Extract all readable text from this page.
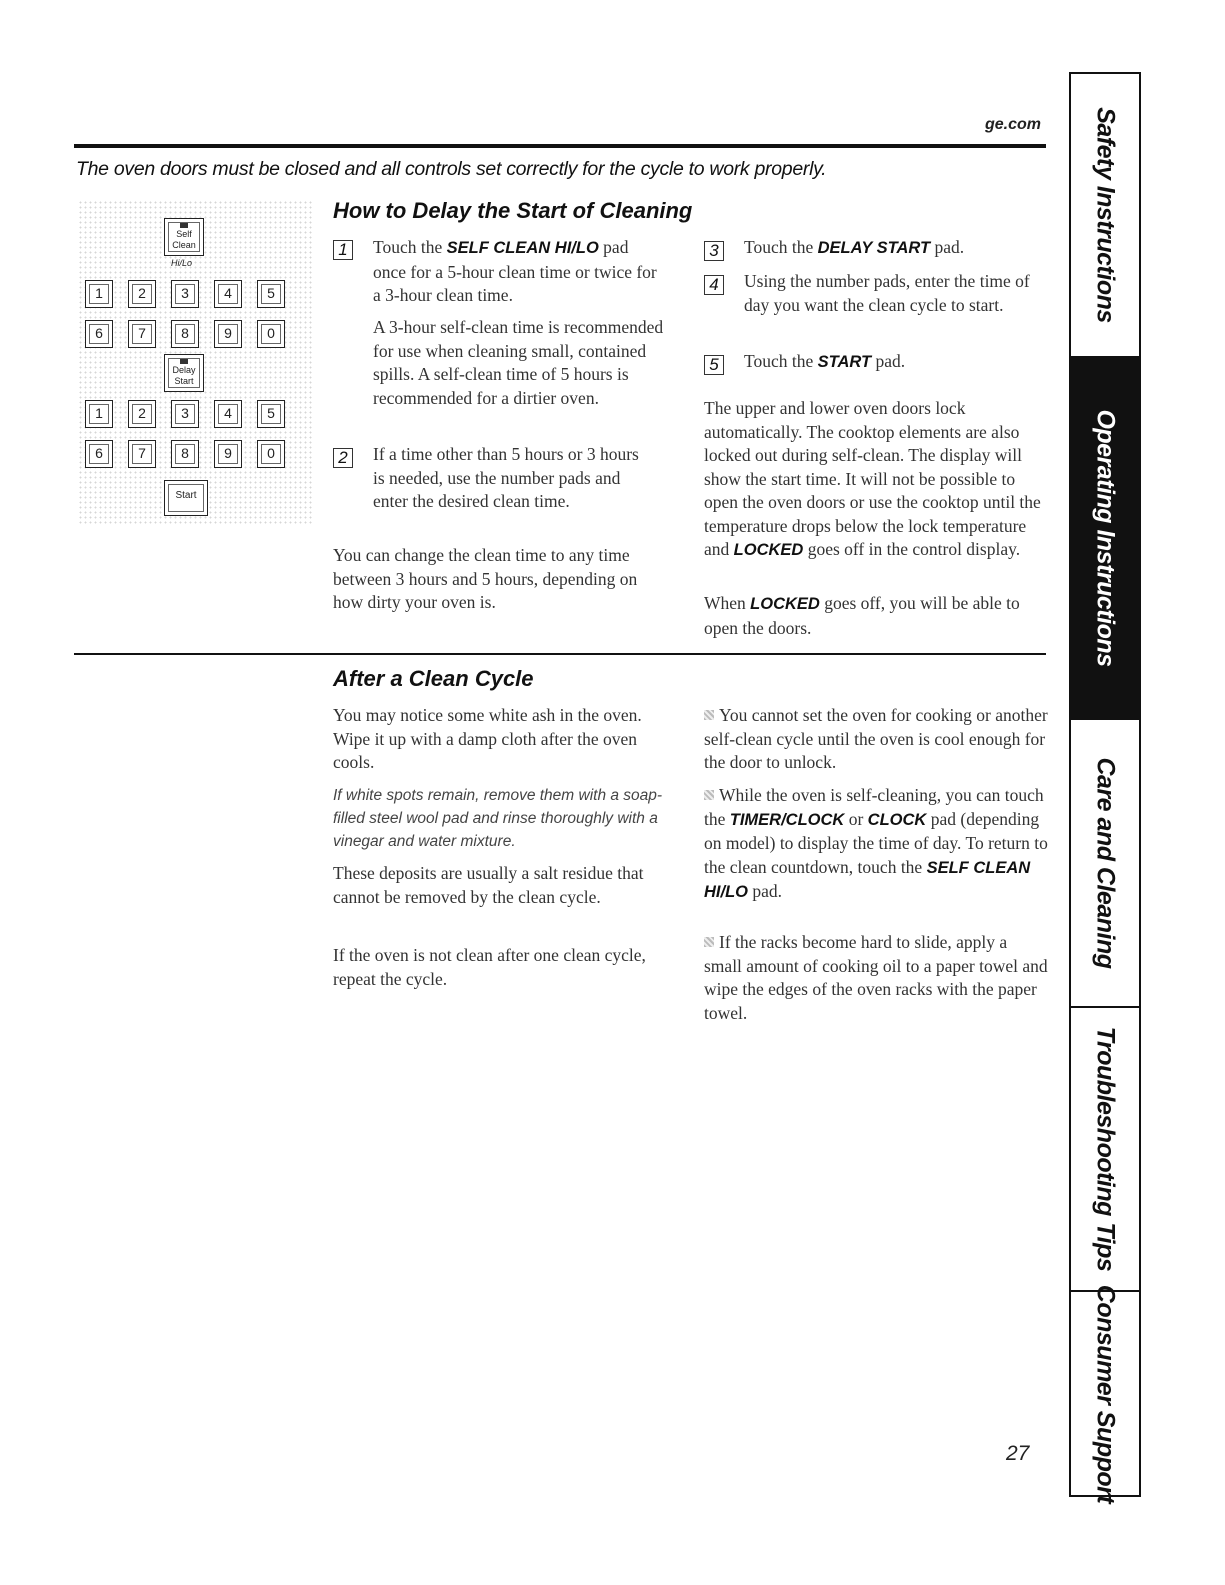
ge.com
The oven doors must be closed and all controls set correctly for the cycle to work properly.
Self Clean
Hi/Lo
1	2	3	4	5
6	7	8	9	0
Delay Start
1	2	3	4	5
6	7	8	9	0
Start
How to Delay the Start of Cleaning
1	Touch the SELF CLEAN HI/LO pad once for a 5-hour clean time or twice for a 3-hour clean time.
A 3-hour self-clean time is recommended for use when cleaning small, contained spills. A self-clean time of 5 hours is recommended for a dirtier oven.
2	If a time other than 5 hours or 3 hours is needed, use the number pads and enter the desired clean time.
You can change the clean time to any time between 3 hours and 5 hours, depending on how dirty your oven is.
3	Touch the DELAY START pad.
4	Using the number pads, enter the time of day you want the clean cycle to start.
5	Touch the START pad.
The upper and lower oven doors lock automatically. The cooktop elements are also locked out during self-clean. The display will show the start time. It will not be possible to open the oven doors or use the cooktop until the temperature drops below the lock temperature and LOCKED goes off in the control display.
When LOCKED goes off, you will be able to open the doors.
After a Clean Cycle
You may notice some white ash in the oven. Wipe it up with a damp cloth after the oven cools.
If white spots remain, remove them with a soap-filled steel wool pad and rinse thoroughly with a vinegar and water mixture.
These deposits are usually a salt residue that cannot be removed by the clean cycle.
If the oven is not clean after one clean cycle, repeat the cycle.
You cannot set the oven for cooking or another self-clean cycle until the oven is cool enough for the door to unlock.
While the oven is self-cleaning, you can touch the TIMER/CLOCK or CLOCK pad (depending on model) to display the time of day. To return to the clean countdown, touch the SELF CLEAN HI/LO pad.
If the racks become hard to slide, apply a small amount of cooking oil to a paper towel and wipe the edges of the oven racks with the paper towel.
Safety Instructions
Operating Instructions
Care and Cleaning
Troubleshooting Tips
Consumer Support
27
